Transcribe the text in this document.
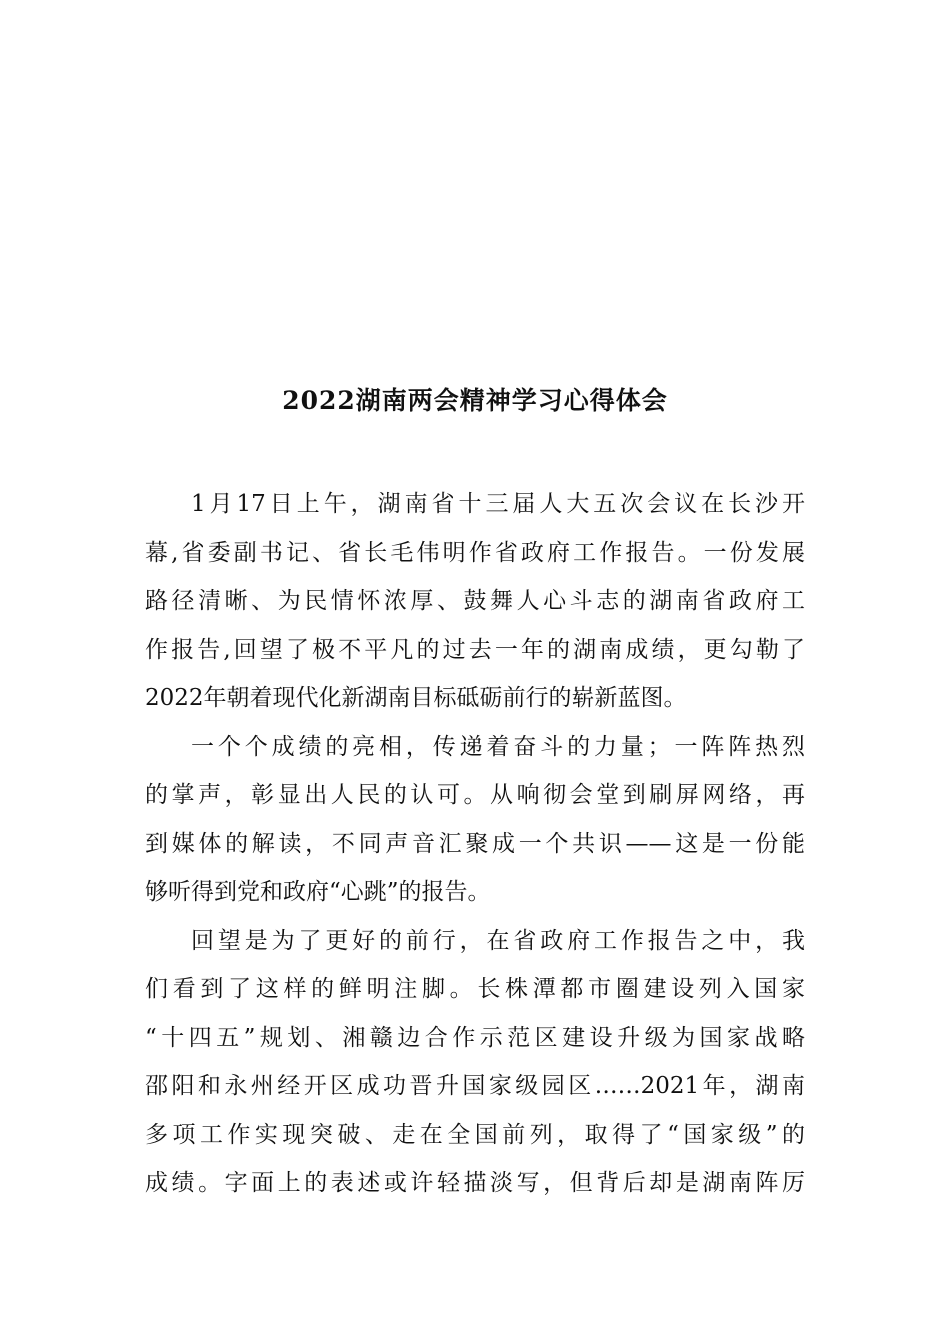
2022湖南两会精神学习心得体会
1月17日上午，湖南省十三届人大五次会议在长沙开
幕,省委副书记、省长毛伟明作省政府工作报告。一份发展
路径清晰、为民情怀浓厚、鼓舞人心斗志的湖南省政府工
作报告,回望了极不平凡的过去一年的湖南成绩，更勾勒了
2022年朝着现代化新湖南目标砥砺前行的崭新蓝图。
一个个成绩的亮相，传递着奋斗的力量；一阵阵热烈
的掌声，彰显出人民的认可。从响彻会堂到刷屏网络，再
到媒体的解读，不同声音汇聚成一个共识——这是一份能
够听得到党和政府“心跳”的报告。
回望是为了更好的前行，在省政府工作报告之中，我
们看到了这样的鲜明注脚。长株潭都市圈建设列入国家
“十四五”规划、湘赣边合作示范区建设升级为国家战略
邵阳和永州经开区成功晋升国家级园区……2021年，湖南
多项工作实现突破、走在全国前列，取得了“国家级”的
成绩。字面上的表述或许轻描淡写，但背后却是湖南阵厉
